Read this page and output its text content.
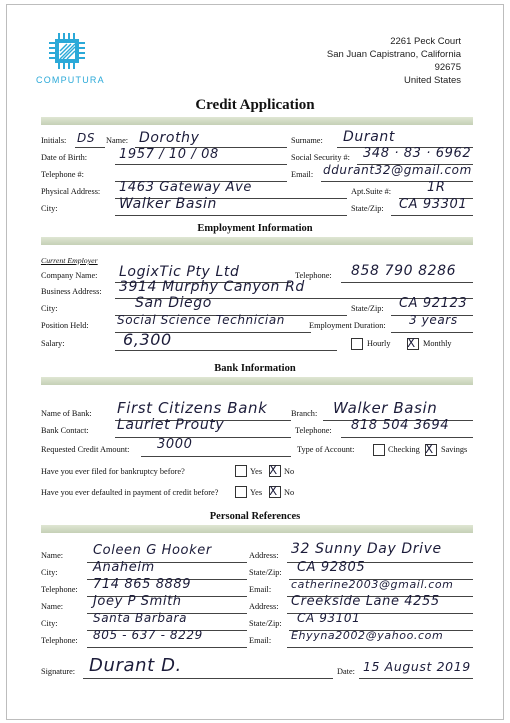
COMPUTURA
2261 Peck Court
San Juan Capistrano, California
92675
United States
Credit Application
Initials: DS Name: Dorothy	Surname: Durant
Date of Birth: 1957 / 10 / 08	Social Security #: 348 · 83 · 6962
Telephone #:	Email: ddurant32@gmail.com
Physical Address: 1463 Gateway Ave	Apt.Suite #:	1R
City:	Walker Basin	State/Zip: CA 93301
Employment Information
Current Employer
Company Name: LogixTic Pty Ltd	Telephone: 858 790 8286
Business Address: 3914 Murphy Canyon Rd
City:	San Diego	State/Zip: CA 92123
Position Held: Social Science Technician	Employment Duration: 3 years
Salary:	6,300	Hourly X Monthly
Bank Information
Name of Bank: First Citizens Bank	Branch: Walker Basin
Bank Contact: Lauriet Prouty	Telephone: 818 504 3694
Requested Credit Amount: 3000	Type of Account:	Checking X Savings
Have you ever filed for bankruptcy before?	Yes X No
Have you ever defaulted in payment of credit before?	Yes X No
Personal References
Name: Coleen G Hooker	Address: 32 Sunny Day Drive
City:	Anaheim	State/Zip: CA 92805
Telephone: 714 865 8889	Email: catherine2003@gmail.com
Name: Joey P Smith	Address: Creekside Lane 4255
City:	Santa Barbara	State/Zip: CA 93101
Telephone: 805 - 637 - 8229	Email: Ehyyna2002@yahoo.com
Signature: Durant D.	Date: 15 August 2019
